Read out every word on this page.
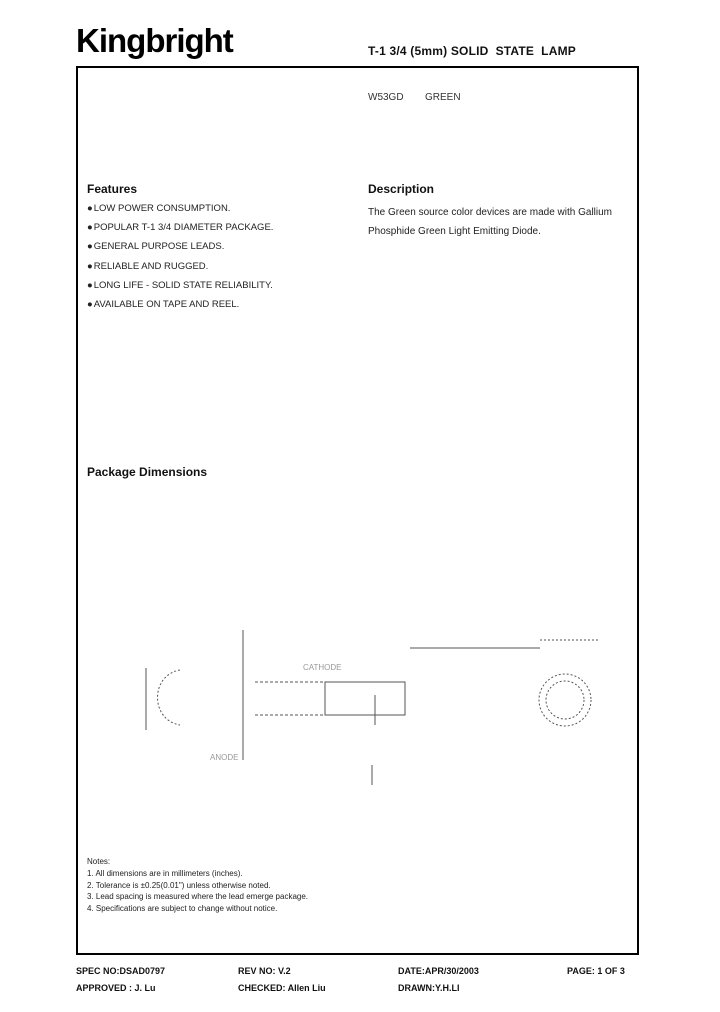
Kingbright	T-1 3/4 (5mm) SOLID  STATE  LAMP
W53GD GREEN
Features
●LOW POWER CONSUMPTION.
●POPULAR T-1 3/4 DIAMETER PACKAGE.
●GENERAL PURPOSE LEADS.
●RELIABLE AND RUGGED.
●LONG LIFE - SOLID STATE RELIABILITY.
●AVAILABLE ON TAPE AND REEL.
Description
The Green source color devices are made with Gallium Phosphide Green Light Emitting Diode.
Package Dimensions
ANODE
CATHODE
Notes:
1. All dimensions are in millimeters (inches).
2. Tolerance is ±0.25(0.01") unless otherwise noted.
3. Lead spacing is measured where the lead emerge package.
4. Specifications are subject to change without notice.
SPEC NO:DSAD0797	REV NO: V.2	DATE:APR/30/2003	PAGE: 1 OF 3
APPROVED : J. Lu	CHECKED: Allen Liu	DRAWN:Y.H.LI
